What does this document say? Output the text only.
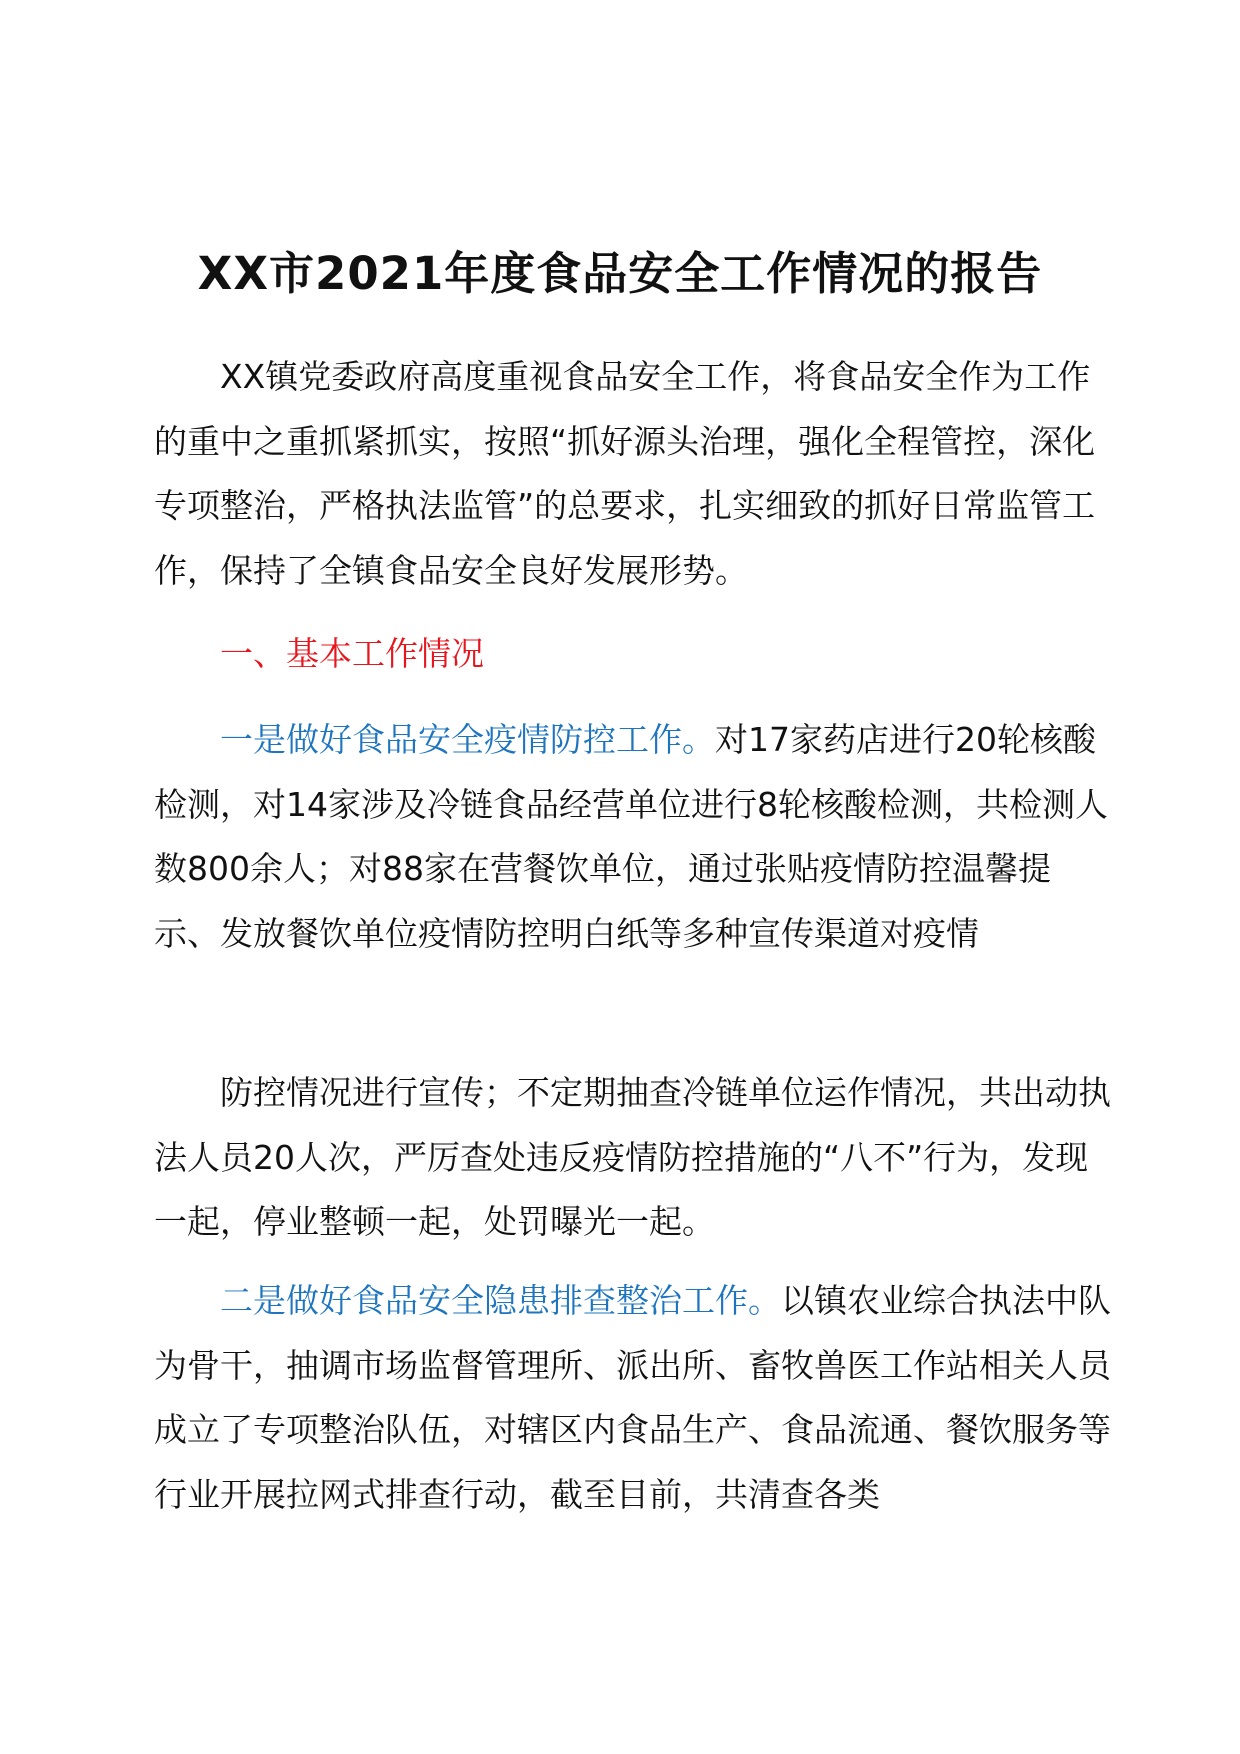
XX市2021年度食品安全工作情况的报告

XX镇党委政府高度重视食品安全工作，将食品安全作为工作的重中之重抓紧抓实，按照“抓好源头治理，强化全程管控，深化专项整治，严格执法监管”的总要求，扎实细致的抓好日常监管工作，保持了全镇食品安全良好发展形势。

一、基本工作情况

一是做好食品安全疫情防控工作。对17家药店进行20轮核酸检测，对14家涉及冷链食品经营单位进行8轮核酸检测，共检测人数800余人；对88家在营餐饮单位，通过张贴疫情防控温馨提示、发放餐饮单位疫情防控明白纸等多种宣传渠道对疫情

防控情况进行宣传；不定期抽查冷链单位运作情况，共出动执法人员20人次，严厉查处违反疫情防控措施的“八不”行为，发现一起，停业整顿一起，处罚曝光一起。

二是做好食品安全隐患排查整治工作。以镇农业综合执法中队为骨干，抽调市场监督管理所、派出所、畜牧兽医工作站相关人员成立了专项整治队伍，对辖区内食品生产、食品流通、餐饮服务等行业开展拉网式排查行动，截至目前，共清查各类
